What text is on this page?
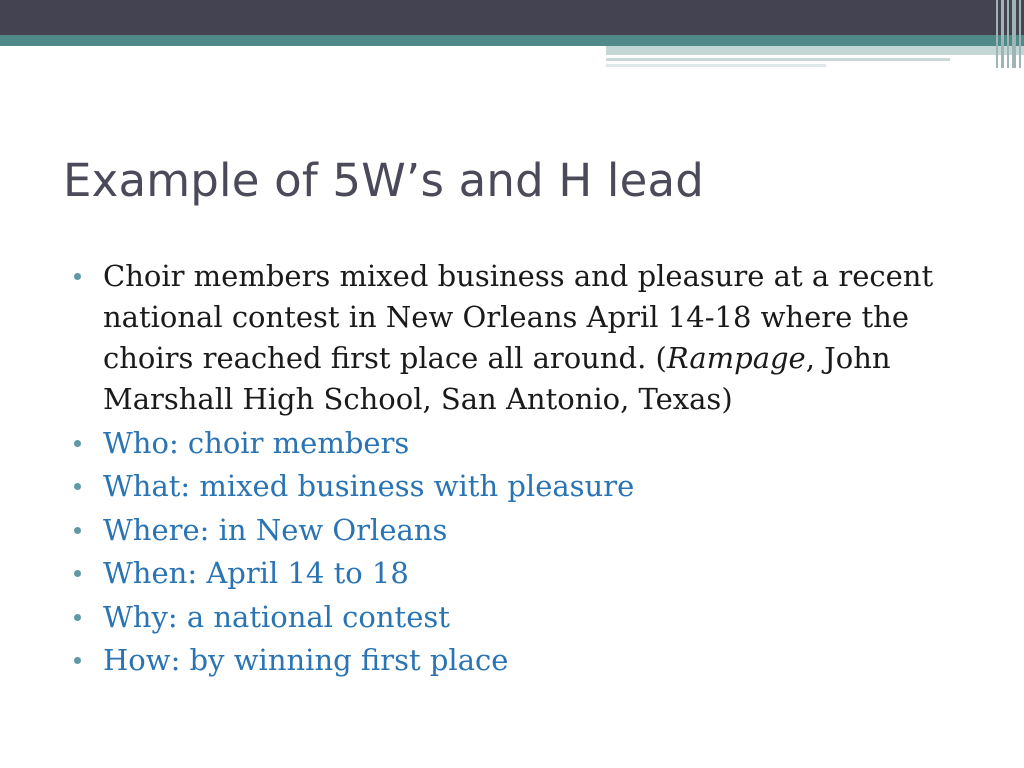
Example of 5W’s and H lead
Choir members mixed business and pleasure at a recent national contest in New Orleans April 14-18 where the choirs reached first place all around. (Rampage, John Marshall High School, San Antonio, Texas)
Who: choir members
What: mixed business with pleasure
Where: in New Orleans
When: April 14 to 18
Why: a national contest
How: by winning first place
